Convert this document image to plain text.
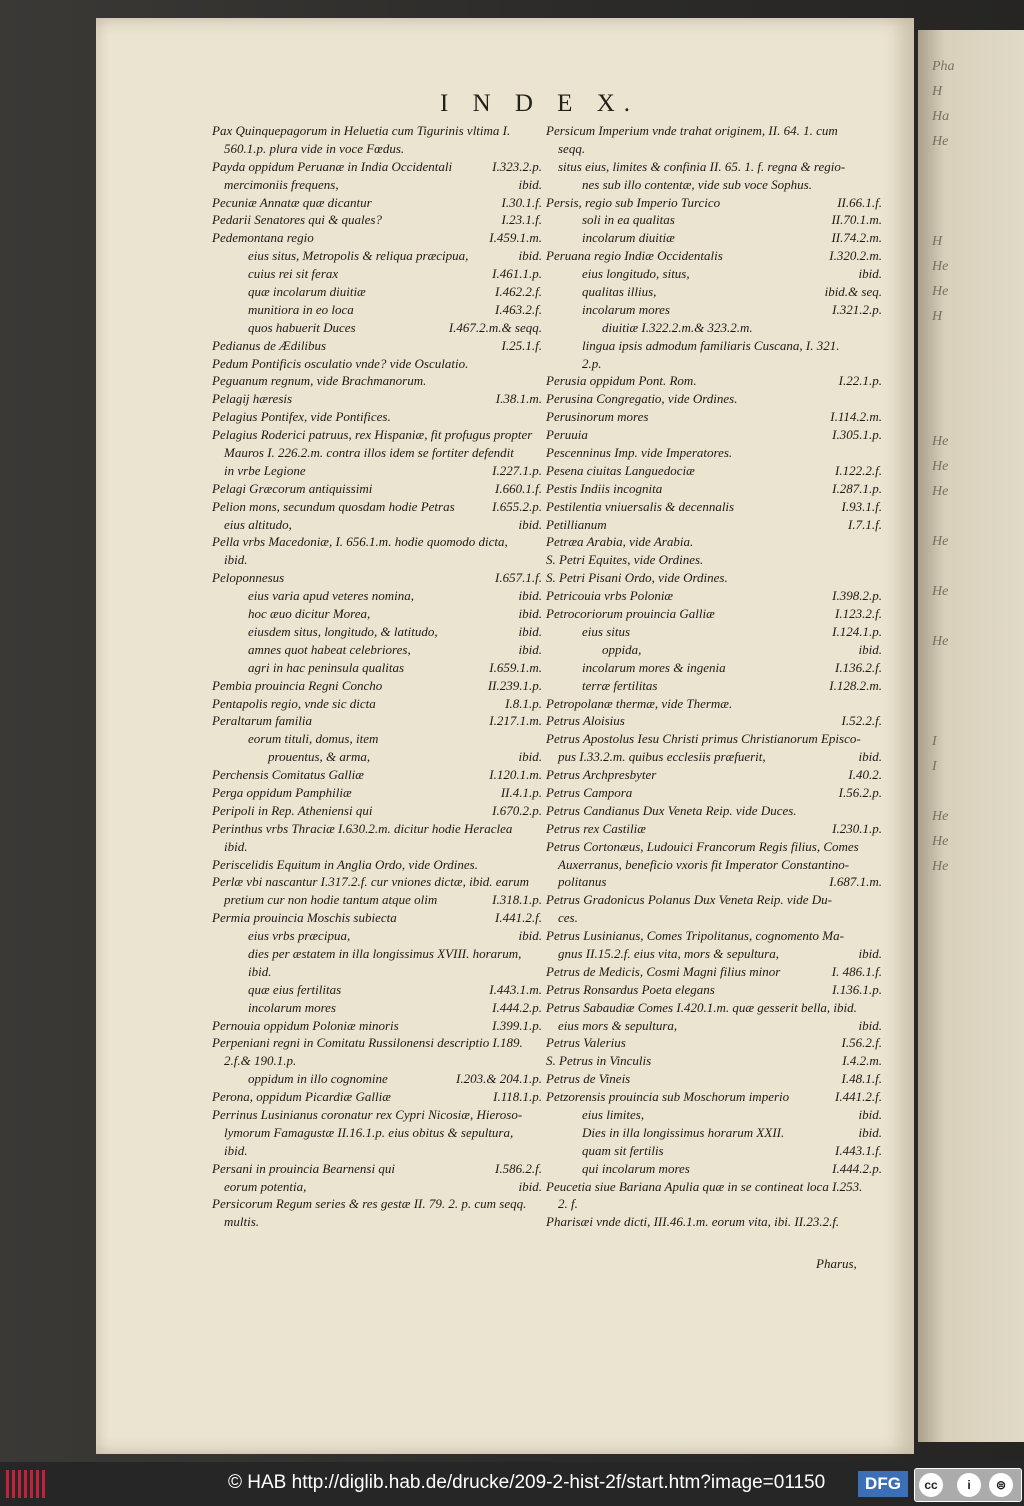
Pha
H
Ha
He
H
He
He
H
He
He
He
He
He
He
I
I
He
He
He
I N D E X.
Pax Quinquepagorum in Heluetia cum Tigurinis vltima I.
560.1.p. plura vide in voce Fœdus.
Payda oppidum Peruanæ in India Occidentali	I.323.2.p.
mercimoniis frequens,	ibid.
Pecuniæ Annatæ quæ dicantur	I.30.1.f.
Pedarii Senatores qui & quales?	I.23.1.f.
Pedemontana regio	I.459.1.m.
eius situs, Metropolis & reliqua præcipua,	ibid.
cuius rei sit ferax	I.461.1.p.
quæ incolarum diuitiæ	I.462.2.f.
munitiora in eo loca	I.463.2.f.
quos habuerit Duces	I.467.2.m.& seqq.
Pedianus de Ædilibus	I.25.1.f.
Pedum Pontificis osculatio vnde? vide Osculatio.
Peguanum regnum, vide Brachmanorum.
Pelagij hæresis	I.38.1.m.
Pelagius Pontifex, vide Pontifices.
Pelagius Roderici patruus, rex Hispaniæ, fit profugus propter
Mauros I. 226.2.m. contra illos idem se fortiter defendit
in vrbe Legione	I.227.1.p.
Pelagi Græcorum antiquissimi	I.660.1.f.
Pelion mons, secundum quosdam hodie Petras	I.655.2.p.
eius altitudo,	ibid.
Pella vrbs Macedoniæ, I. 656.1.m. hodie quomodo dicta,
ibid.
Peloponnesus	I.657.1.f.
eius varia apud veteres nomina,	ibid.
hoc æuo dicitur Morea,	ibid.
eiusdem situs, longitudo, & latitudo,	ibid.
amnes quot habeat celebriores,	ibid.
agri in hac peninsula qualitas	I.659.1.m.
Pembia prouincia Regni Concho	II.239.1.p.
Pentapolis regio, vnde sic dicta	I.8.1.p.
Peraltarum familia	I.217.1.m.
eorum tituli, domus, item
prouentus, & arma,	ibid.
Perchensis Comitatus Galliæ	I.120.1.m.
Perga oppidum Pamphiliæ	II.4.1.p.
Peripoli in Rep. Atheniensi qui	I.670.2.p.
Perinthus vrbs Thraciæ I.630.2.m. dicitur hodie Heraclea
ibid.
Periscelidis Equitum in Anglia Ordo, vide Ordines.
Perlæ vbi nascantur I.317.2.f. cur vniones dictæ, ibid. earum
pretium cur non hodie tantum atque olim	I.318.1.p.
Permia prouincia Moschis subiecta	I.441.2.f.
eius vrbs præcipua,	ibid.
dies per æstatem in illa longissimus XVIII. horarum,
ibid.
quæ eius fertilitas	I.443.1.m.
incolarum mores	I.444.2.p.
Pernouia oppidum Poloniæ minoris	I.399.1.p.
Perpeniani regni in Comitatu Russilonensi descriptio I.189.
2.f.& 190.1.p.
oppidum in illo cognomine	I.203.& 204.1.p.
Perona, oppidum Picardiæ Galliæ	I.118.1.p.
Perrinus Lusinianus coronatur rex Cypri Nicosiæ, Hieroso-
lymorum Famagustæ II.16.1.p. eius obitus & sepultura,
ibid.
Persani in prouincia Bearnensi qui	I.586.2.f.
eorum potentia,	ibid.
Persicorum Regum series & res gestæ II. 79. 2. p. cum seqq.
multis.
Persicum Imperium vnde trahat originem, II. 64. 1. cum
seqq.
situs eius, limites & confinia II. 65. 1. f. regna & regio-
nes sub illo contentæ, vide sub voce Sophus.
Persis, regio sub Imperio Turcico	II.66.1.f.
soli in ea qualitas	II.70.1.m.
incolarum diuitiæ	II.74.2.m.
Peruana regio Indiæ Occidentalis	I.320.2.m.
eius longitudo, situs,	ibid.
qualitas illius,	ibid.& seq.
incolarum mores	I.321.2.p.
diuitiæ I.322.2.m.& 323.2.m.
lingua ipsis admodum familiaris Cuscana, I. 321.
2.p.
Perusia oppidum Pont. Rom.	I.22.1.p.
Perusina Congregatio, vide Ordines.
Perusinorum mores	I.114.2.m.
Peruuia	I.305.1.p.
Pescenninus Imp. vide Imperatores.
Pesena ciuitas Languedociæ	I.122.2.f.
Pestis Indiis incognita	I.287.1.p.
Pestilentia vniuersalis & decennalis	I.93.1.f.
Petillianum	I.7.1.f.
Petræa Arabia, vide Arabia.
S. Petri Equites, vide Ordines.
S. Petri Pisani Ordo, vide Ordines.
Petricouia vrbs Poloniæ	I.398.2.p.
Petrocoriorum prouincia Galliæ	I.123.2.f.
eius situs	I.124.1.p.
oppida,	ibid.
incolarum mores & ingenia	I.136.2.f.
terræ fertilitas	I.128.2.m.
Petropolanæ thermæ, vide Thermæ.
Petrus Aloisius	I.52.2.f.
Petrus Apostolus Iesu Christi primus Christianorum Episco-
pus I.33.2.m. quibus ecclesiis præfuerit,	ibid.
Petrus Archpresbyter	I.40.2.
Petrus Campora	I.56.2.p.
Petrus Candianus Dux Veneta Reip. vide Duces.
Petrus rex Castiliæ	I.230.1.p.
Petrus Cortonæus, Ludouici Francorum Regis filius, Comes
Auxerranus, beneficio vxoris fit Imperator Constantino-
politanus	I.687.1.m.
Petrus Gradonicus Polanus Dux Veneta Reip. vide Du-
ces.
Petrus Lusinianus, Comes Tripolitanus, cognomento Ma-
gnus II.15.2.f. eius vita, mors & sepultura,	ibid.
Petrus de Medicis, Cosmi Magni filius minor	I. 486.1.f.
Petrus Ronsardus Poeta elegans	I.136.1.p.
Petrus Sabaudiæ Comes I.420.1.m. quæ gesserit bella, ibid.
eius mors & sepultura,	ibid.
Petrus Valerius	I.56.2.f.
S. Petrus in Vinculis	I.4.2.m.
Petrus de Vineis	I.48.1.f.
Petzorensis prouincia sub Moschorum imperio	I.441.2.f.
eius limites,	ibid.
Dies in illa longissimus horarum XXII.	ibid.
quam sit fertilis	I.443.1.f.
qui incolarum mores	I.444.2.p.
Peucetia siue Bariana Apulia quæ in se contineat loca I.253.
2. f.
Pharisæi vnde dicti, III.46.1.m. eorum vita, ibi. II.23.2.f.
Pharus,
© HAB http://diglib.hab.de/drucke/209-2-hist-2f/start.htm?image=01150	DFG	cc	i	⊜
